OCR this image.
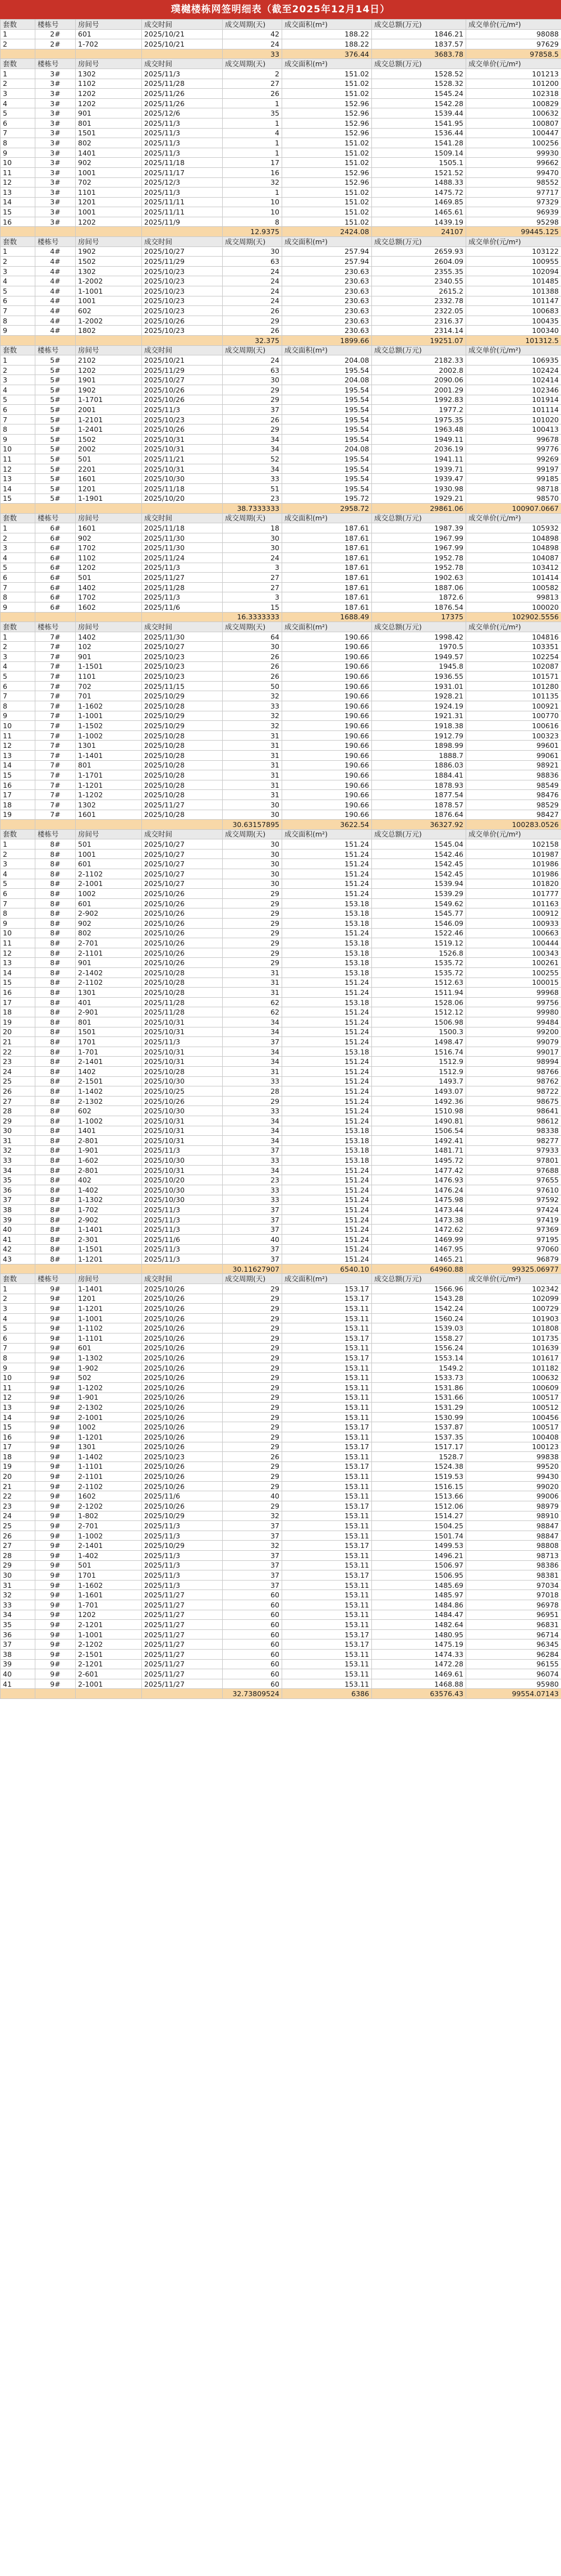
璞樾楼栋网签明细表（截至2025年12月14日）
套数	楼栋号	房间号	成交时间	成交周期(天)	成交面积(m²)	成交总额(万元)	成交单价(元/m²)
1	2#	601	2025/10/21	42	188.22	1846.21	98088
2	2#	1-702	2025/10/21	24	188.22	1837.57	97629
				33	376.44	3683.78	97858.5
套数	楼栋号	房间号	成交时间	成交周期(天)	成交面积(m²)	成交总额(万元)	成交单价(元/m²)
1	3#	1302	2025/11/3	2	151.02	1528.52	101213
2	3#	1102	2025/11/28	27	151.02	1528.32	101200
3	3#	1202	2025/11/26	26	151.02	1545.24	102318
4	3#	1202	2025/11/26	1	152.96	1542.28	100829
5	3#	901	2025/12/6	35	152.96	1539.44	100632
6	3#	801	2025/11/3	1	152.96	1541.95	100807
7	3#	1501	2025/11/3	4	152.96	1536.44	100447
8	3#	802	2025/11/3	1	151.02	1541.28	100256
9	3#	1401	2025/11/3	1	151.02	1509.14	99930
10	3#	902	2025/11/18	17	151.02	1505.1	99662
11	3#	1001	2025/11/17	16	152.96	1521.52	99470
12	3#	702	2025/12/3	32	152.96	1488.33	98552
13	3#	1101	2025/11/3	1	151.02	1475.72	97717
14	3#	1201	2025/11/11	10	151.02	1469.85	97329
15	3#	1001	2025/11/11	10	151.02	1465.61	96939
16	3#	1202	2025/11/9	8	151.02	1439.19	95298
				12.9375	2424.08	24107	99445.125
套数	楼栋号	房间号	成交时间	成交周期(天)	成交面积(m²)	成交总额(万元)	成交单价(元/m²)
1	4#	1902	2025/10/27	30	257.94	2659.93	103122
2	4#	1502	2025/11/29	63	257.94	2604.09	100955
3	4#	1302	2025/10/23	24	230.63	2355.35	102094
4	4#	1-2002	2025/10/23	24	230.63	2340.55	101485
5	4#	1-1001	2025/10/23	24	230.63	2615.2	101388
6	4#	1001	2025/10/23	24	230.63	2332.78	101147
7	4#	602	2025/10/23	26	230.63	2322.05	100683
8	4#	1-2002	2025/10/26	29	230.63	2316.37	100435
9	4#	1802	2025/10/23	26	230.63	2314.14	100340
				32.375	1899.66	19251.07	101312.5
套数	楼栋号	房间号	成交时间	成交周期(天)	成交面积(m²)	成交总额(万元)	成交单价(元/m²)
1	5#	2102	2025/10/21	24	204.08	2182.33	106935
2	5#	1202	2025/11/29	63	195.54	2002.8	102424
3	5#	1901	2025/10/27	30	204.08	2090.06	102414
4	5#	1902	2025/10/26	29	195.54	2001.29	102346
5	5#	1-1701	2025/10/26	29	195.54	1992.83	101914
6	5#	2001	2025/11/3	37	195.54	1977.2	101114
7	5#	1-2101	2025/10/23	26	195.54	1975.35	101020
8	5#	1-2401	2025/10/26	29	195.54	1963.48	100413
9	5#	1502	2025/10/31	34	195.54	1949.11	99678
10	5#	2002	2025/10/31	34	204.08	2036.19	99776
11	5#	501	2025/11/21	52	195.54	1941.11	99269
12	5#	2201	2025/10/31	34	195.54	1939.71	99197
13	5#	1601	2025/10/30	33	195.54	1939.47	99185
14	5#	1201	2025/11/18	51	195.54	1930.98	98718
15	5#	1-1901	2025/10/20	23	195.72	1929.21	98570
				38.7333333	2958.72	29861.06	100907.0667
套数	楼栋号	房间号	成交时间	成交周期(天)	成交面积(m²)	成交总额(万元)	成交单价(元/m²)
1	6#	1601	2025/11/18	18	187.61	1987.39	105932
2	6#	902	2025/11/30	30	187.61	1967.99	104898
3	6#	1702	2025/11/30	30	187.61	1967.99	104898
4	6#	1102	2025/11/24	24	187.61	1952.78	104087
5	6#	1202	2025/11/3	3	187.61	1952.78	103412
6	6#	501	2025/11/27	27	187.61	1902.63	101414
7	6#	1402	2025/11/28	27	187.61	1887.06	100582
8	6#	1702	2025/11/3	3	187.61	1872.6	99813
9	6#	1602	2025/11/6	15	187.61	1876.54	100020
				16.3333333	1688.49	17375	102902.5556
套数	楼栋号	房间号	成交时间	成交周期(天)	成交面积(m²)	成交总额(万元)	成交单价(元/m²)
1	7#	1402	2025/11/30	64	190.66	1998.42	104816
2	7#	102	2025/10/27	30	190.66	1970.5	103351
3	7#	901	2025/10/23	26	190.66	1949.57	102254
4	7#	1-1501	2025/10/23	26	190.66	1945.8	102087
5	7#	1101	2025/10/23	26	190.66	1936.55	101571
6	7#	702	2025/11/15	50	190.66	1931.01	101280
7	7#	701	2025/10/29	32	190.66	1928.21	101135
8	7#	1-1602	2025/10/28	33	190.66	1924.19	100921
9	7#	1-1001	2025/10/29	32	190.66	1921.31	100770
10	7#	1-1502	2025/10/29	32	190.66	1918.38	100616
11	7#	1-1002	2025/10/28	31	190.66	1912.79	100323
12	7#	1301	2025/10/28	31	190.66	1898.99	99601
13	7#	1-1401	2025/10/28	31	190.66	1888.7	99061
14	7#	801	2025/10/28	31	190.66	1886.03	98921
15	7#	1-1701	2025/10/28	31	190.66	1884.41	98836
16	7#	1-1201	2025/10/28	31	190.66	1878.93	98549
17	7#	1-1202	2025/10/28	31	190.66	1877.54	98476
18	7#	1302	2025/11/27	30	190.66	1878.57	98529
19	7#	1601	2025/10/28	30	190.66	1876.64	98427
				30.63157895	3622.54	36327.92	100283.0526
套数	楼栋号	房间号	成交时间	成交周期(天)	成交面积(m²)	成交总额(万元)	成交单价(元/m²)
1	8#	501	2025/10/27	30	151.24	1545.04	102158
2	8#	1001	2025/10/27	30	151.24	1542.46	101987
3	8#	601	2025/10/27	30	151.24	1542.45	101986
4	8#	2-1102	2025/10/27	30	151.24	1542.45	101986
5	8#	2-1001	2025/10/27	30	151.24	1539.94	101820
6	8#	1002	2025/10/26	29	151.24	1539.29	101777
7	8#	601	2025/10/26	29	153.18	1549.62	101163
8	8#	2-902	2025/10/26	29	153.18	1545.77	100912
9	8#	902	2025/10/26	29	153.18	1546.09	100933
10	8#	802	2025/10/26	29	151.24	1522.46	100663
11	8#	2-701	2025/10/26	29	153.18	1519.12	100444
12	8#	2-1101	2025/10/26	29	153.18	1526.8	100343
13	8#	901	2025/10/26	29	153.18	1535.72	100261
14	8#	2-1402	2025/10/28	31	153.18	1535.72	100255
15	8#	2-1102	2025/10/28	31	151.24	1512.63	100015
16	8#	1301	2025/10/28	31	151.24	1511.94	99968
17	8#	401	2025/11/28	62	153.18	1528.06	99756
18	8#	2-901	2025/11/28	62	151.24	1512.12	99980
19	8#	801	2025/10/31	34	151.24	1506.98	99484
20	8#	1501	2025/10/31	34	151.24	1500.3	99200
21	8#	1701	2025/11/3	37	151.24	1498.47	99079
22	8#	1-701	2025/10/31	34	153.18	1516.74	99017
23	8#	2-1401	2025/10/31	34	151.24	1512.9	98994
24	8#	1402	2025/10/28	31	151.24	1512.9	98766
25	8#	2-1501	2025/10/30	33	151.24	1493.7	98762
26	8#	1-1402	2025/10/25	28	151.24	1493.07	98722
27	8#	2-1302	2025/10/26	29	151.24	1492.36	98675
28	8#	602	2025/10/30	33	151.24	1510.98	98641
29	8#	1-1002	2025/10/31	34	151.24	1490.81	98612
30	8#	1401	2025/10/31	34	153.18	1506.54	98338
31	8#	2-801	2025/10/31	34	153.18	1492.41	98277
32	8#	1-901	2025/11/3	37	153.18	1481.71	97933
33	8#	1-602	2025/10/30	33	153.18	1495.72	97801
34	8#	2-801	2025/10/31	34	151.24	1477.42	97688
35	8#	402	2025/10/20	23	151.24	1476.93	97655
36	8#	1-402	2025/10/30	33	151.24	1476.24	97610
37	8#	1-1302	2025/10/30	33	151.24	1475.98	97592
38	8#	1-702	2025/11/3	37	151.24	1473.44	97424
39	8#	2-902	2025/11/3	37	151.24	1473.38	97419
40	8#	1-1401	2025/11/3	37	151.24	1472.62	97369
41	8#	2-301	2025/11/6	40	151.24	1469.99	97195
42	8#	1-1501	2025/11/3	37	151.24	1467.95	97060
43	8#	1-1201	2025/11/3	37	151.24	1465.21	96879
				30.11627907	6540.10	64960.88	99325.06977
套数	楼栋号	房间号	成交时间	成交周期(天)	成交面积(m²)	成交总额(万元)	成交单价(元/m²)
1	9#	1-1401	2025/10/26	29	153.17	1566.96	102342
2	9#	1201	2025/10/26	29	153.17	1543.28	102099
3	9#	1-1201	2025/10/26	29	153.11	1542.24	100729
4	9#	1-1001	2025/10/26	29	153.11	1560.24	101903
5	9#	1-1102	2025/10/26	29	153.11	1539.03	101808
6	9#	1-1101	2025/10/26	29	153.17	1558.27	101735
7	9#	601	2025/10/26	29	153.11	1556.24	101639
8	9#	1-1302	2025/10/26	29	153.17	1553.14	101617
9	9#	1-902	2025/10/26	29	153.11	1549.2	101182
10	9#	502	2025/10/26	29	153.11	1533.73	100632
11	9#	1-1202	2025/10/26	29	153.11	1531.86	100609
12	9#	1-901	2025/10/26	29	153.11	1531.66	100517
13	9#	2-1302	2025/10/26	29	153.11	1531.29	100512
14	9#	2-1001	2025/10/26	29	153.11	1530.99	100456
15	9#	1002	2025/10/26	29	153.17	1537.87	100517
16	9#	1-1201	2025/10/26	29	153.11	1537.35	100408
17	9#	1301	2025/10/26	29	153.17	1517.17	100123
18	9#	1-1402	2025/10/23	26	153.11	1528.7	99838
19	9#	1-1101	2025/10/26	29	153.17	1524.38	99520
20	9#	2-1101	2025/10/26	29	153.11	1519.53	99430
21	9#	2-1102	2025/10/26	29	153.11	1516.15	99020
22	9#	1602	2025/11/6	40	153.11	1513.66	99006
23	9#	2-1202	2025/10/26	29	153.17	1512.06	98979
24	9#	1-802	2025/10/29	32	153.11	1514.27	98910
25	9#	2-701	2025/11/3	37	153.11	1504.25	98847
26	9#	1-1002	2025/11/3	37	153.11	1501.74	98847
27	9#	2-1401	2025/10/29	32	153.17	1499.53	98808
28	9#	1-402	2025/11/3	37	153.11	1496.21	98713
29	9#	501	2025/11/3	37	153.11	1506.97	98386
30	9#	1701	2025/11/3	37	153.17	1506.95	98381
31	9#	1-1602	2025/11/3	37	153.11	1485.69	97034
32	9#	1-1601	2025/11/27	60	153.11	1485.97	97018
33	9#	1-701	2025/11/27	60	153.11	1484.86	96978
34	9#	1202	2025/11/27	60	153.11	1484.47	96951
35	9#	2-1201	2025/11/27	60	153.11	1482.64	96831
36	9#	1-1001	2025/11/27	60	153.17	1480.95	96714
37	9#	2-1202	2025/11/27	60	153.17	1475.19	96345
38	9#	2-1501	2025/11/27	60	153.11	1474.33	96284
39	9#	2-1201	2025/11/27	60	153.11	1472.28	96155
40	9#	2-601	2025/11/27	60	153.11	1469.61	96074
41	9#	2-1001	2025/11/27	60	153.11	1468.88	95980
				32.73809524	6386	63576.43	99554.07143
